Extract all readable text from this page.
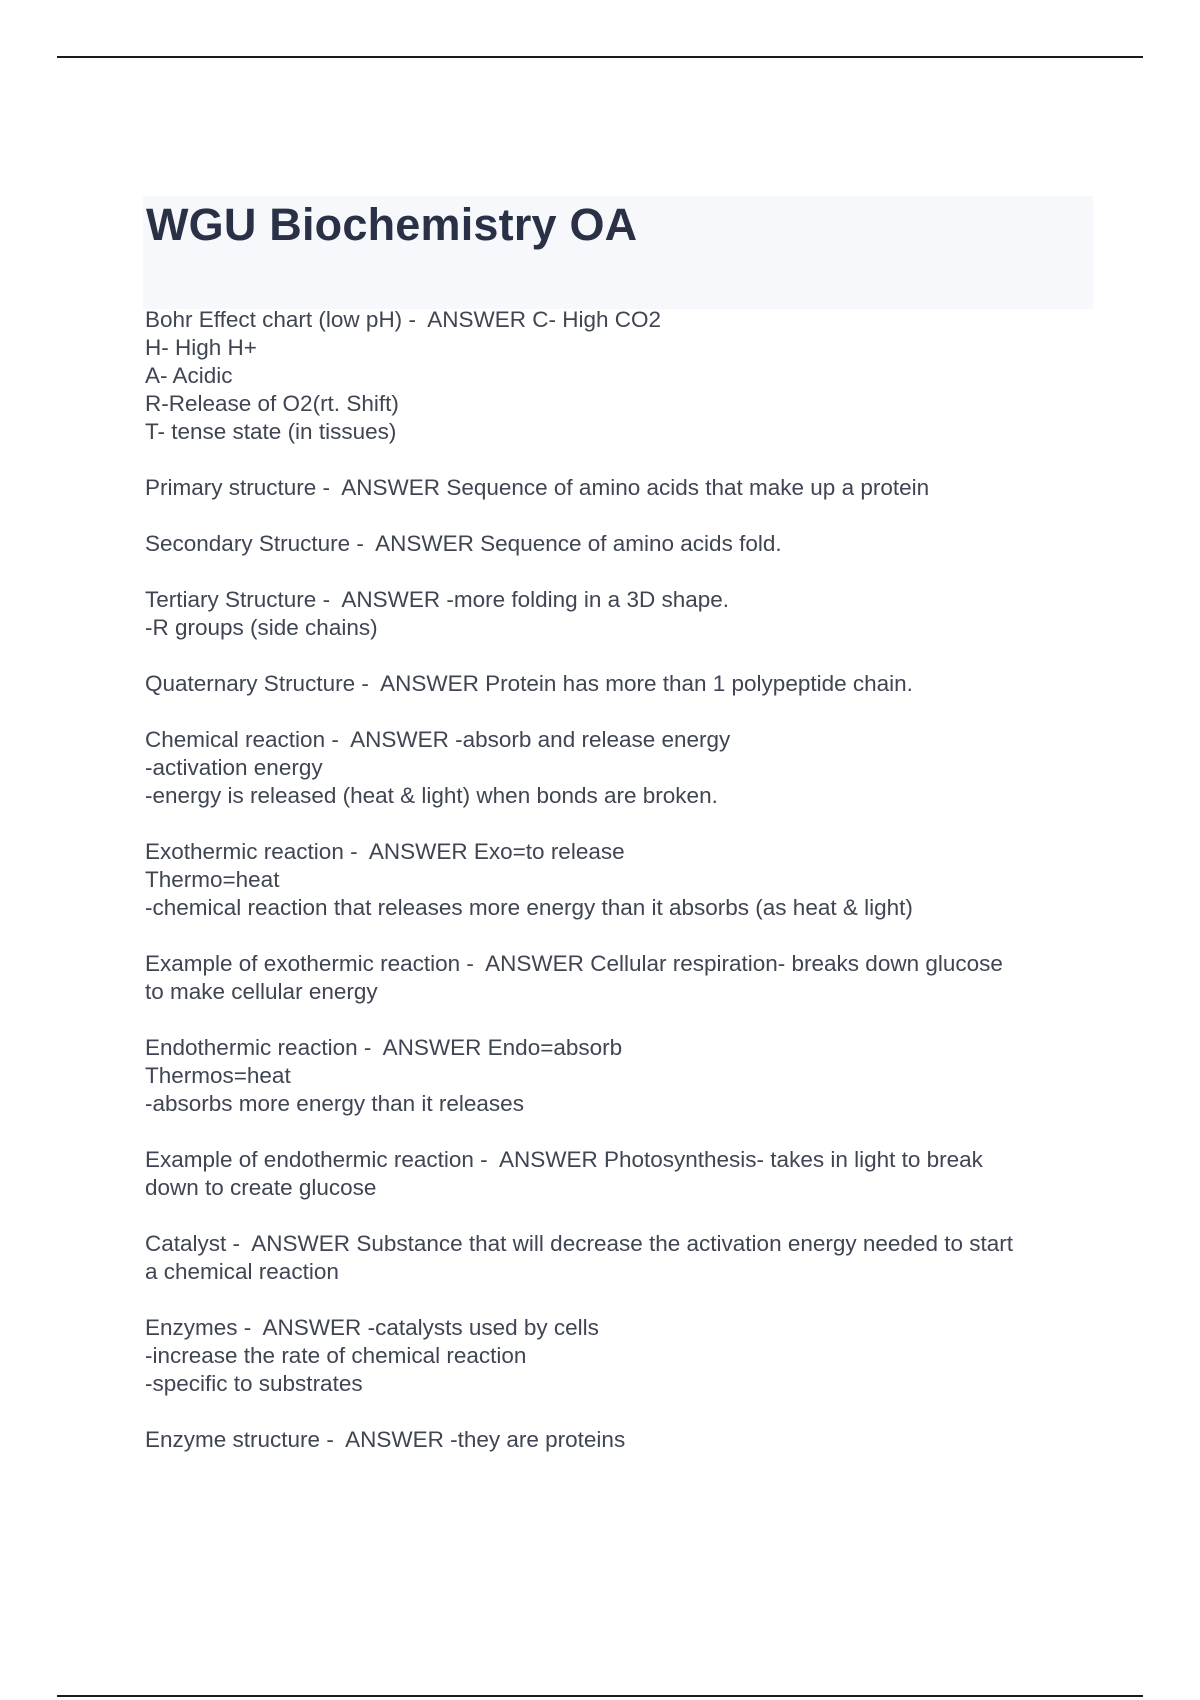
WGU Biochemistry OA
Bohr Effect chart (low pH) -  ANSWER C- High CO2
H- High H+
A- Acidic
R-Release of O2(rt. Shift)
T- tense state (in tissues)
Primary structure -  ANSWER Sequence of amino acids that make up a protein
Secondary Structure -  ANSWER Sequence of amino acids fold.
Tertiary Structure -  ANSWER -more folding in a 3D shape.
-R groups (side chains)
Quaternary Structure -  ANSWER Protein has more than 1 polypeptide chain.
Chemical reaction -  ANSWER -absorb and release energy
-activation energy
-energy is released (heat & light) when bonds are broken.
Exothermic reaction -  ANSWER Exo=to release
Thermo=heat
-chemical reaction that releases more energy than it absorbs (as heat & light)
Example of exothermic reaction -  ANSWER Cellular respiration- breaks down glucose
to make cellular energy
Endothermic reaction -  ANSWER Endo=absorb
Thermos=heat
-absorbs more energy than it releases
Example of endothermic reaction -  ANSWER Photosynthesis- takes in light to break
down to create glucose
Catalyst -  ANSWER Substance that will decrease the activation energy needed to start
a chemical reaction
Enzymes -  ANSWER -catalysts used by cells
-increase the rate of chemical reaction
-specific to substrates
Enzyme structure -  ANSWER -they are proteins
